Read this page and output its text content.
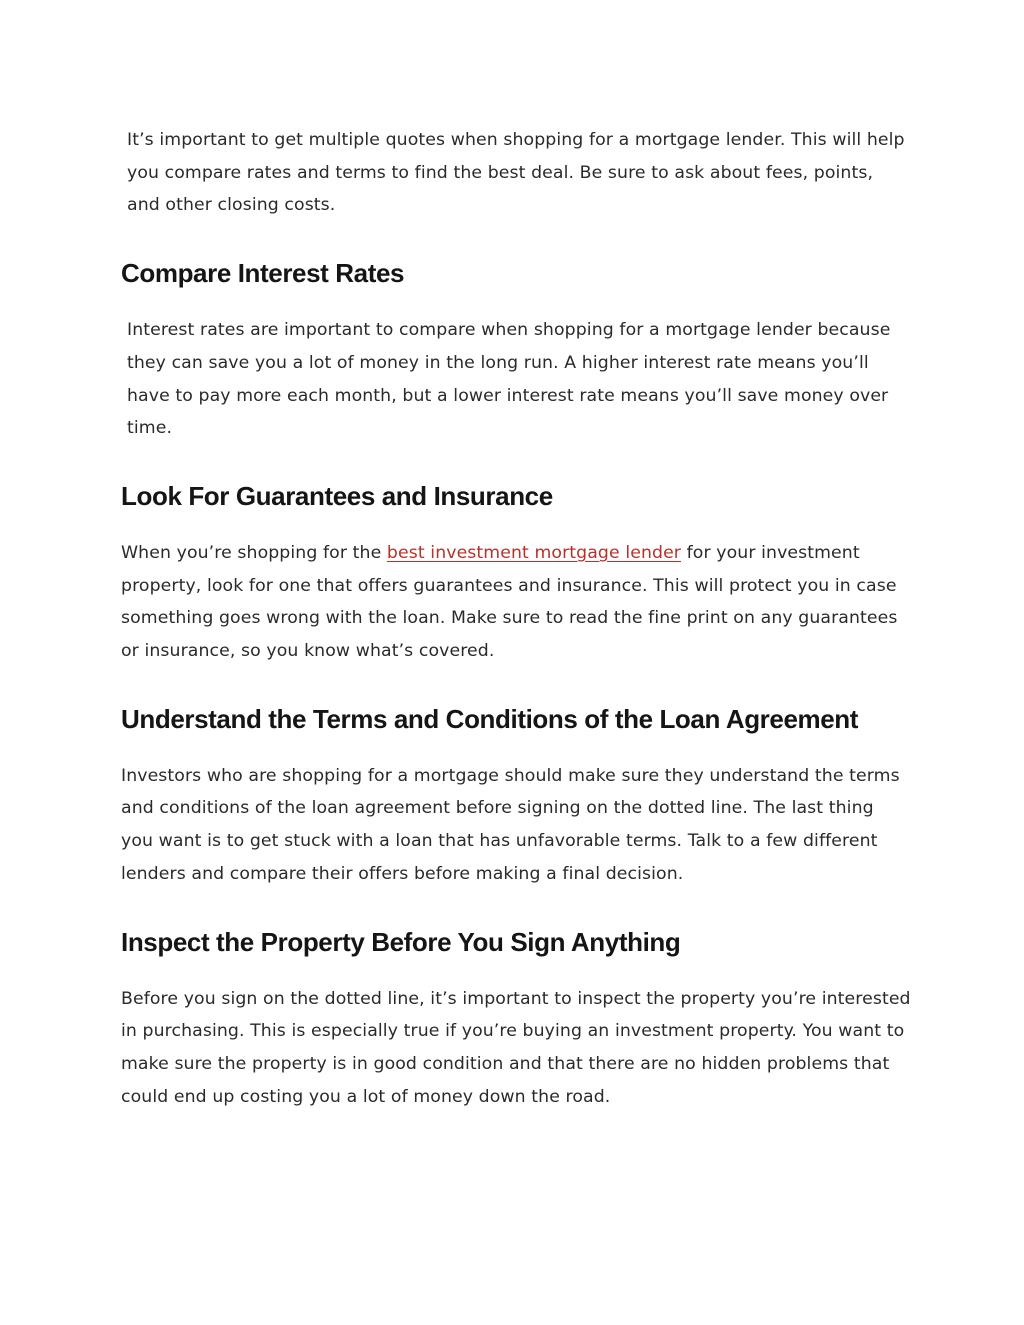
It’s important to get multiple quotes when shopping for a mortgage lender. This will help you compare rates and terms to find the best deal. Be sure to ask about fees, points, and other closing costs.

Compare Interest Rates

Interest rates are important to compare when shopping for a mortgage lender because they can save you a lot of money in the long run. A higher interest rate means you’ll have to pay more each month, but a lower interest rate means you’ll save money over time.

Look For Guarantees and Insurance

When you’re shopping for the best investment mortgage lender for your investment property, look for one that offers guarantees and insurance. This will protect you in case something goes wrong with the loan. Make sure to read the fine print on any guarantees or insurance, so you know what’s covered.

Understand the Terms and Conditions of the Loan Agreement

Investors who are shopping for a mortgage should make sure they understand the terms and conditions of the loan agreement before signing on the dotted line. The last thing you want is to get stuck with a loan that has unfavorable terms. Talk to a few different lenders and compare their offers before making a final decision.

Inspect the Property Before You Sign Anything

Before you sign on the dotted line, it’s important to inspect the property you’re interested in purchasing. This is especially true if you’re buying an investment property. You want to make sure the property is in good condition and that there are no hidden problems that could end up costing you a lot of money down the road.
